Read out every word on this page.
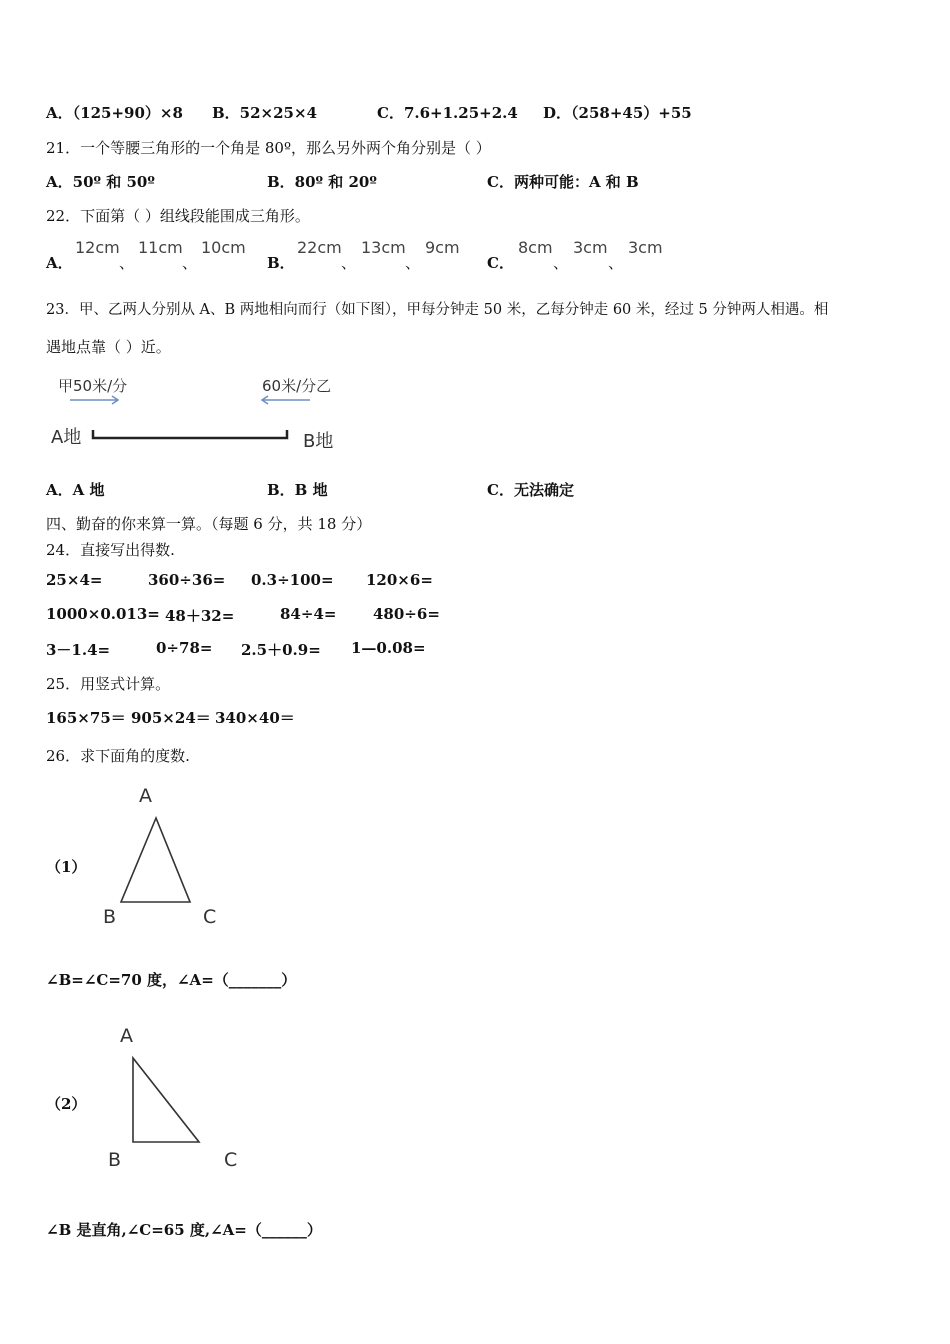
A．（125+90）×8 B．52×25×4	C．7.6+1.25+2.4 D．（258+45）+55
21．一个等腰三角形的一个角是 80º，那么另外两个角分别是（ ）
A．50º 和 50º	B．80º 和 20º	C．两种可能：A 和 B
22．下面第（ ）组线段能围成三角形。
A．
12cm
、
11cm
、
10cm
B．
22cm
、
13cm
、
9cm
C．
8cm
、
3cm
、
3cm
23．甲、乙两人分别从 A、B 两地相向而行（如下图），甲每分钟走 50 米，乙每分钟走 60 米，经过 5 分钟两人相遇。相
遇地点靠（ ）近。
甲50米/分	60米/分乙
A地	B地
A．A 地	B．B 地	C．无法确定
四、勤奋的你来算一算。（每题 6 分，共 18 分）
24．直接写出得数.
25×4=	360÷36= 0.3÷100= 120×6=
1000×0.013= 48＋32=	84÷4= 480÷6=
3－1.4=	0÷78= 2.5＋0.9= 1—0.08=
25．用竖式计算。
165×75＝ 905×24＝ 340×40＝
26．求下面角的度数.
（1）
A
B	C
∠B=∠C=70 度，∠A=（_______）
（2）
A
B	C
∠B 是直角,∠C=65 度,∠A=（______）
